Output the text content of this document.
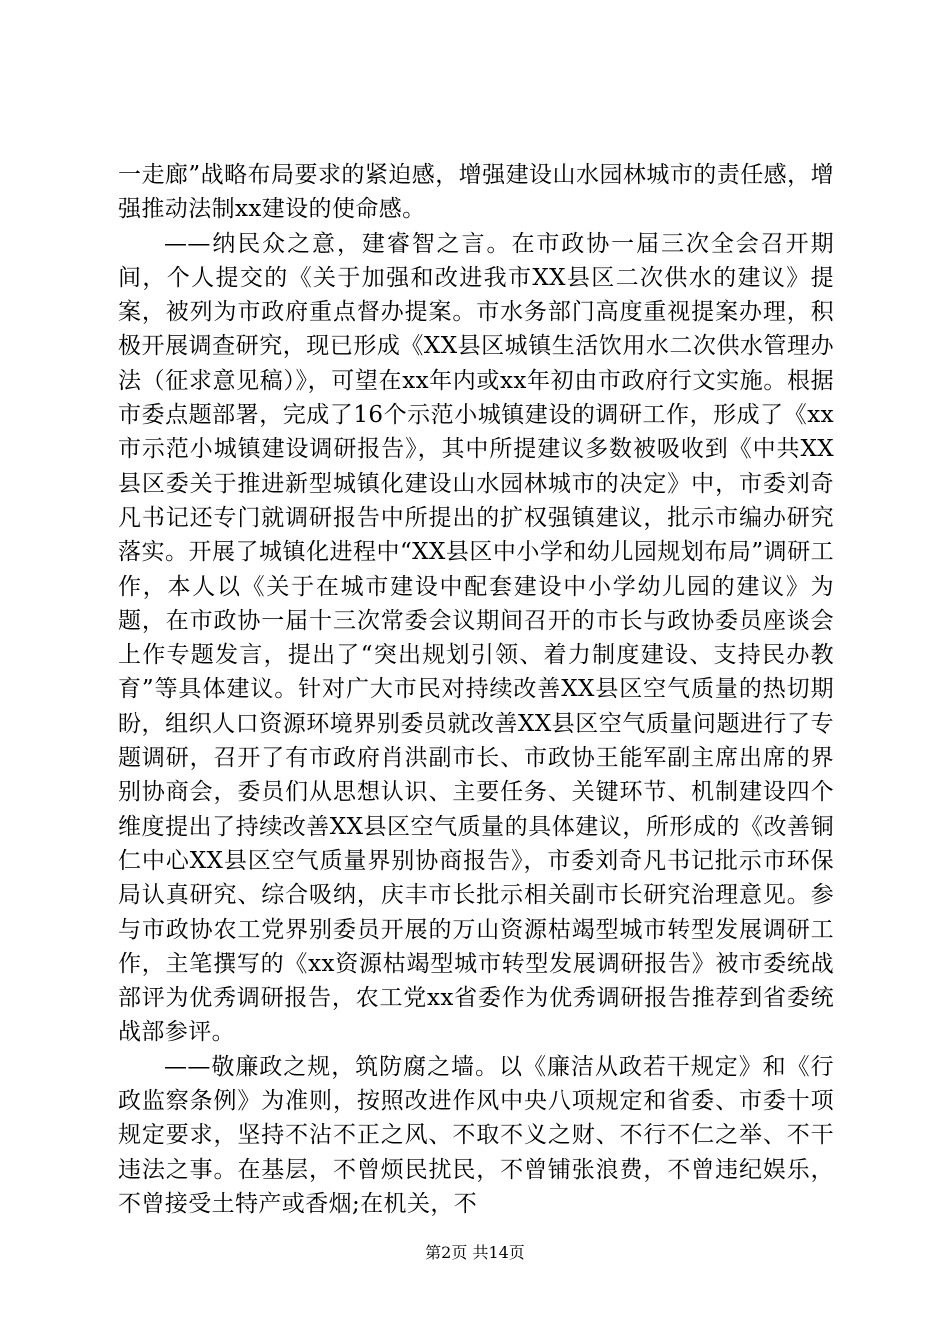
一走廊”战略布局要求的紧迫感，增强建设山水园林城市的责任感，增强推动法制xx建设的使命感。

——纳民众之意，建睿智之言。在市政协一届三次全会召开期间，个人提交的《关于加强和改进我市XX县区二次供水的建议》提案，被列为市政府重点督办提案。市水务部门高度重视提案办理，积极开展调查研究，现已形成《XX县区城镇生活饮用水二次供水管理办法（征求意见稿）》，可望在xx年内或xx年初由市政府行文实施。根据市委点题部署，完成了16个示范小城镇建设的调研工作，形成了《xx市示范小城镇建设调研报告》，其中所提建议多数被吸收到《中共XX县区委关于推进新型城镇化建设山水园林城市的决定》中，市委刘奇凡书记还专门就调研报告中所提出的扩权强镇建议，批示市编办研究落实。开展了城镇化进程中“XX县区中小学和幼儿园规划布局”调研工作，本人以《关于在城市建设中配套建设中小学幼儿园的建议》为题，在市政协一届十三次常委会议期间召开的市长与政协委员座谈会上作专题发言，提出了“突出规划引领、着力制度建设、支持民办教育”等具体建议。针对广大市民对持续改善XX县区空气质量的热切期盼，组织人口资源环境界别委员就改善XX县区空气质量问题进行了专题调研，召开了有市政府肖洪副市长、市政协王能军副主席出席的界别协商会，委员们从思想认识、主要任务、关键环节、机制建设四个维度提出了持续改善XX县区空气质量的具体建议，所形成的《改善铜仁中心XX县区空气质量界别协商报告》，市委刘奇凡书记批示市环保局认真研究、综合吸纳，庆丰市长批示相关副市长研究治理意见。参与市政协农工党界别委员开展的万山资源枯竭型城市转型发展调研工作，主笔撰写的《xx资源枯竭型城市转型发展调研报告》被市委统战部评为优秀调研报告，农工党xx省委作为优秀调研报告推荐到省委统战部参评。

——敬廉政之规，筑防腐之墙。以《廉洁从政若干规定》和《行政监察条例》为准则，按照改进作风中央八项规定和省委、市委十项规定要求，坚持不沾不正之风、不取不义之财、不行不仁之举、不干违法之事。在基层，不曾烦民扰民，不曾铺张浪费，不曾违纪娱乐，不曾接受土特产或香烟;在机关，不

第2页 共14页
